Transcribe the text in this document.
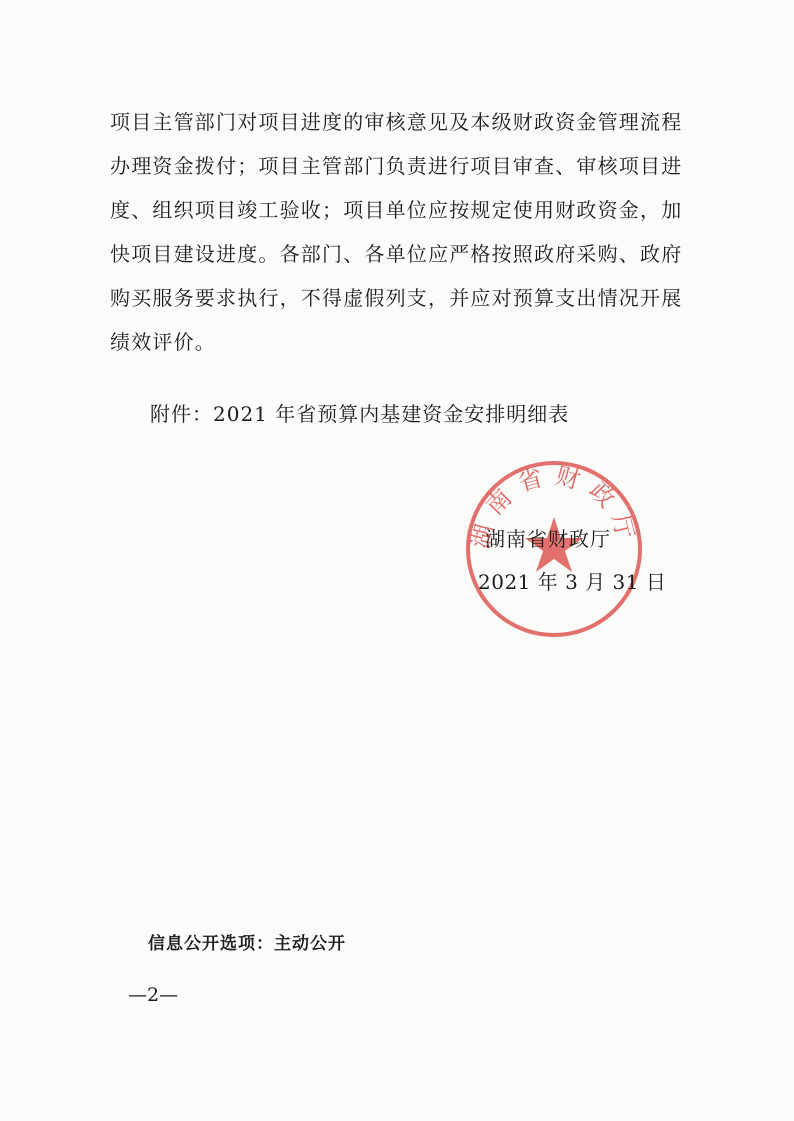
项目主管部门对项目进度的审核意见及本级财政资金管理流程
办理资金拨付；项目主管部门负责进行项目审查、审核项目进
度、组织项目竣工验收；项目单位应按规定使用财政资金，加
快项目建设进度。各部门、各单位应严格按照政府采购、政府
购买服务要求执行，不得虚假列支，并应对预算支出情况开展
绩效评价。

附件：2021 年省预算内基建资金安排明细表

湖南省财政厅

湖南省财政厅

2021 年 3 月 31 日

信息公开选项：主动公开

—2—
